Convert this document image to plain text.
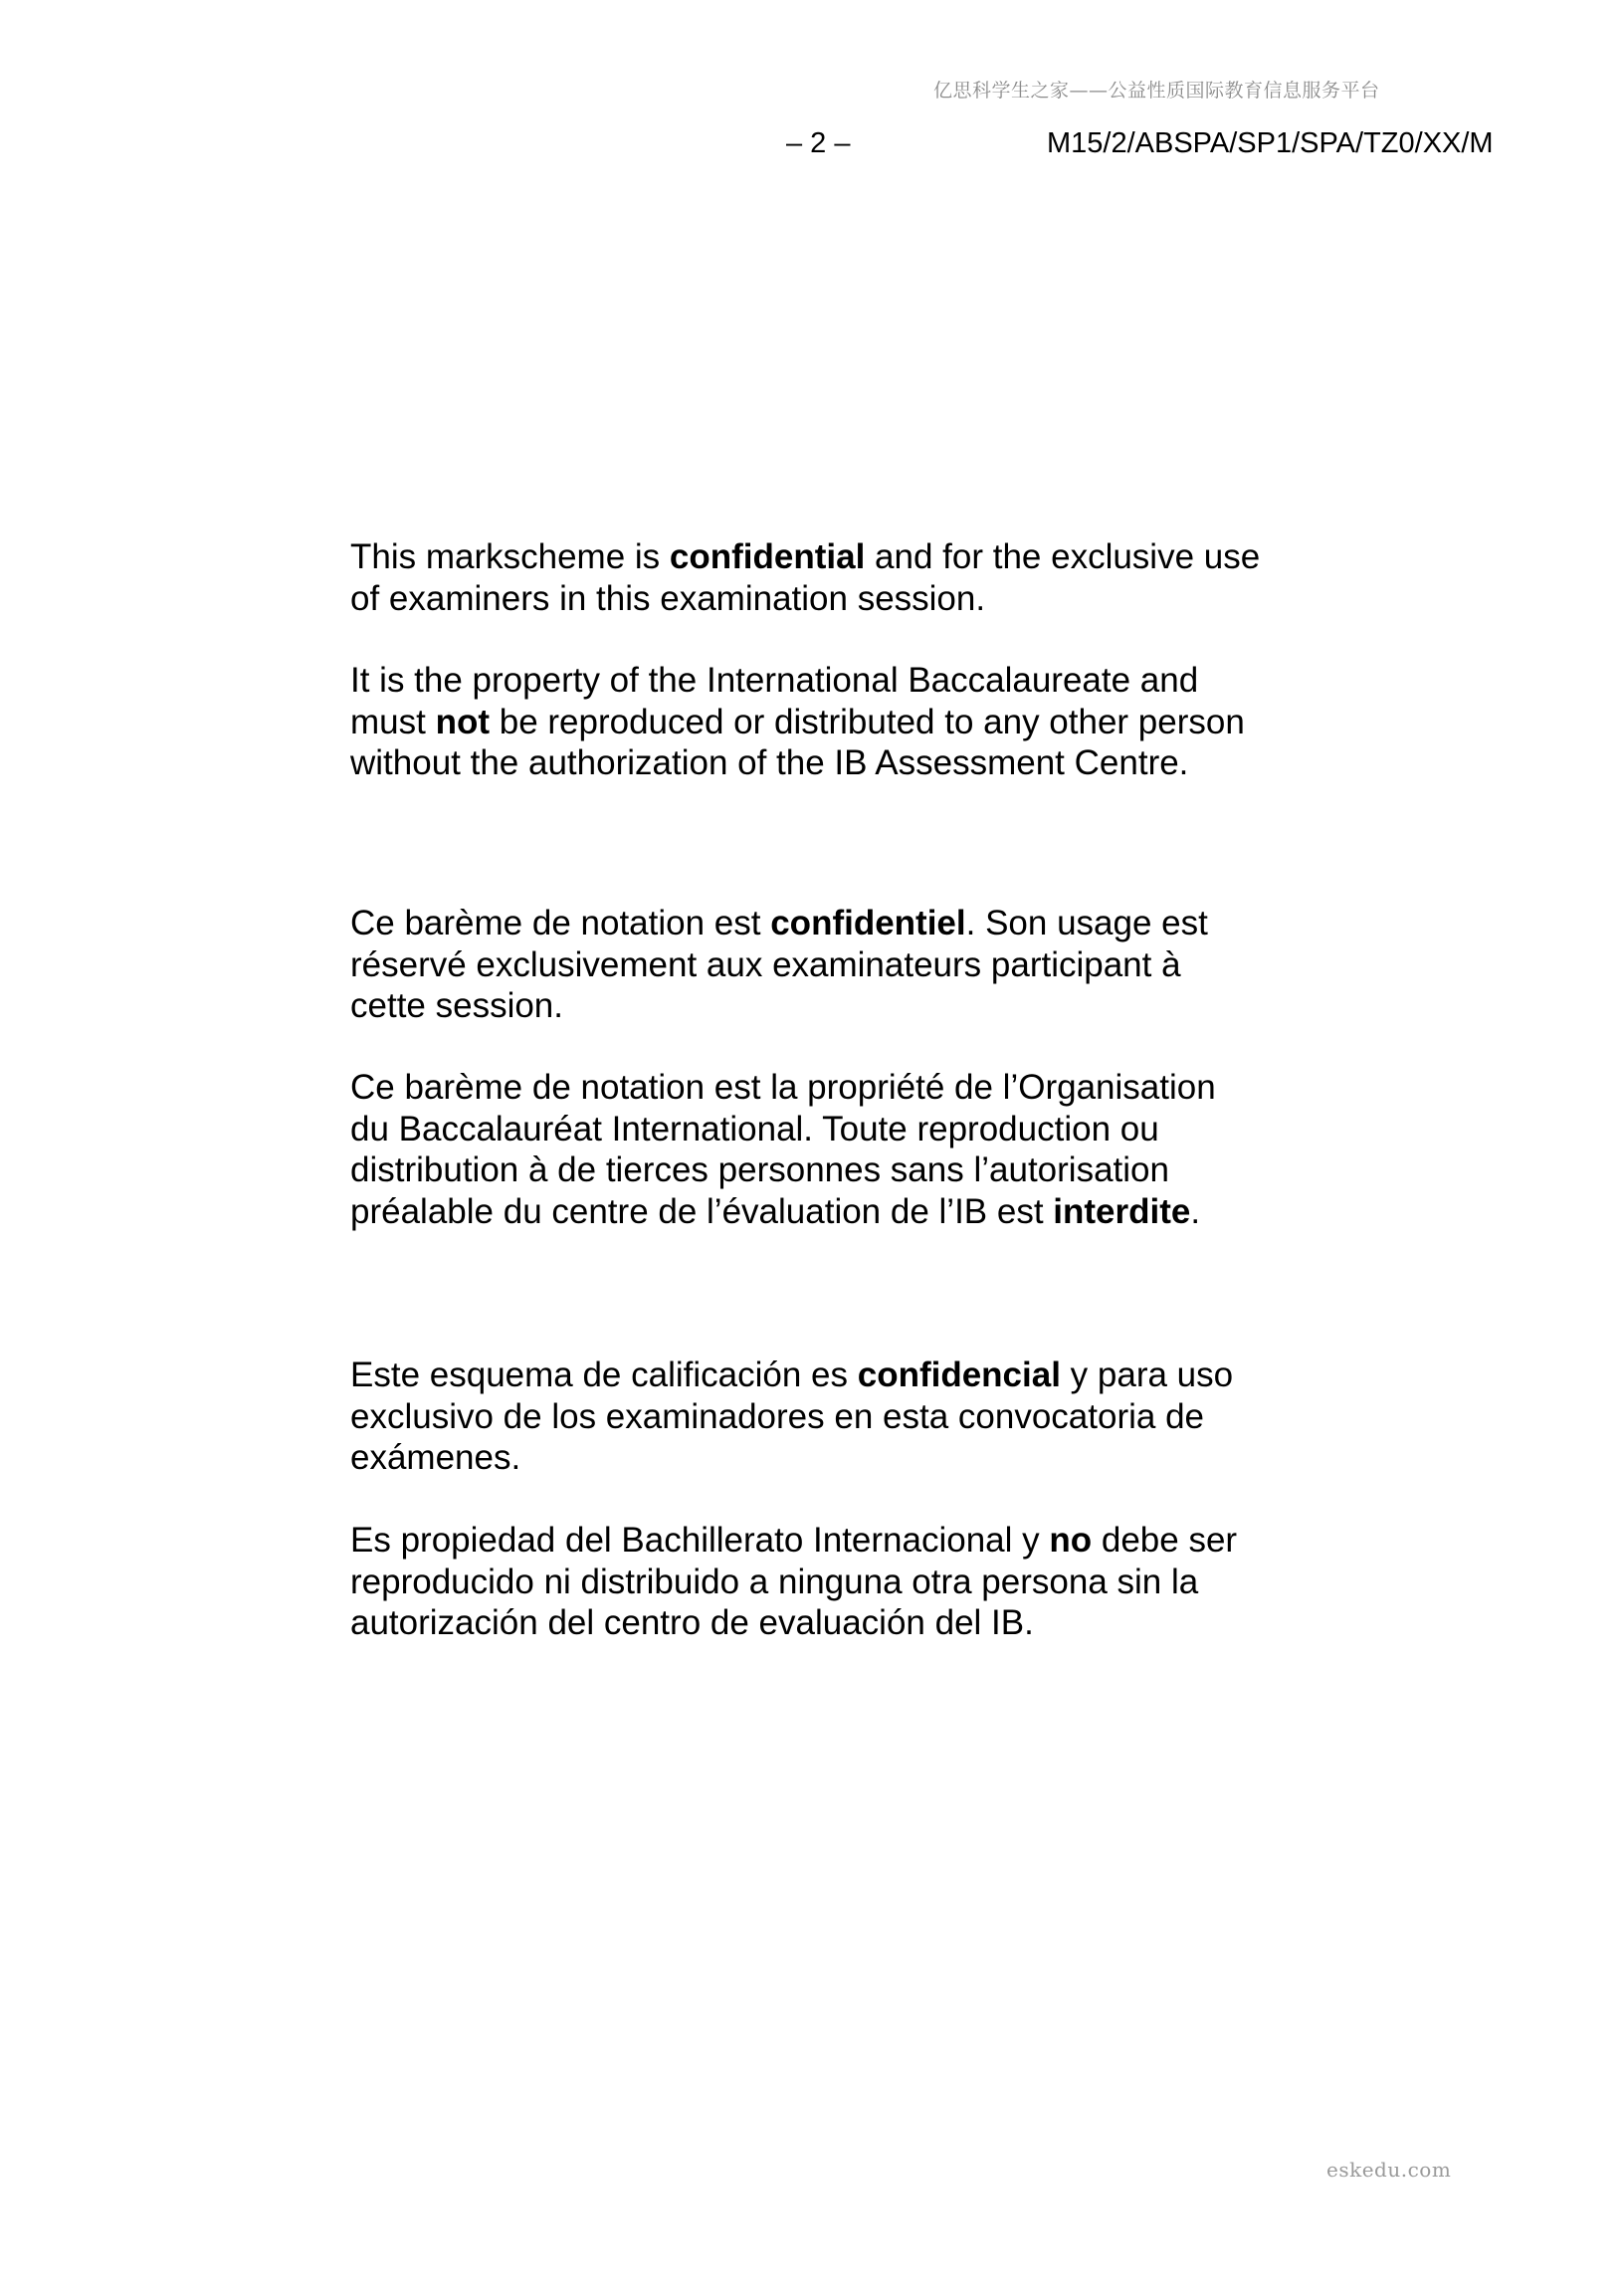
亿思科学生之家——公益性质国际教育信息服务平台
– 2 –	M15/2/ABSPA/SP1/SPA/TZ0/XX/M

This markscheme is confidential and for the exclusive use
of examiners in this examination session.

It is the property of the International Baccalaureate and
must not be reproduced or distributed to any other person
without the authorization of the IB Assessment Centre.

Ce barème de notation est confidentiel. Son usage est
réservé exclusivement aux examinateurs participant à
cette session.

Ce barème de notation est la propriété de l’Organisation
du Baccalauréat International. Toute reproduction ou
distribution à de tierces personnes sans l’autorisation
préalable du centre de l’évaluation de l’IB est interdite.

Este esquema de calificación es confidencial y para uso
exclusivo de los examinadores en esta convocatoria de
exámenes.

Es propiedad del Bachillerato Internacional y no debe ser
reproducido ni distribuido a ninguna otra persona sin la
autorización del centro de evaluación del IB.

eskedu.com
